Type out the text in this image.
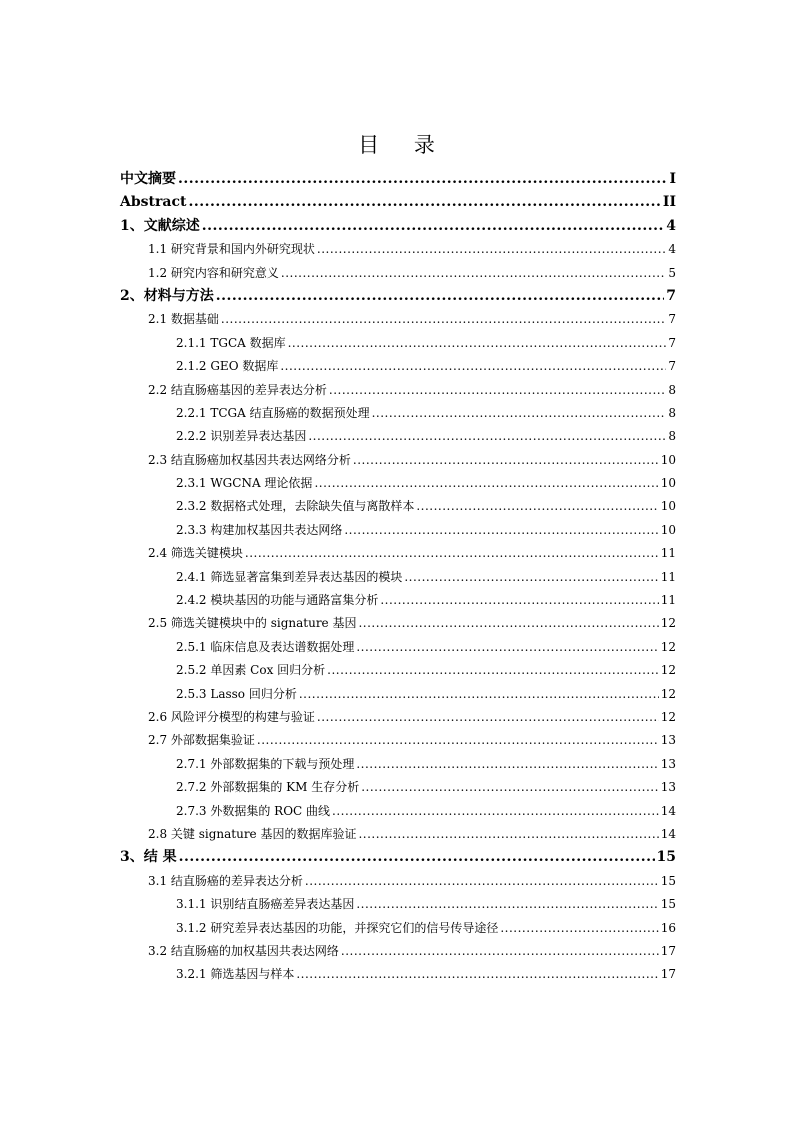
目 录
中文摘要 .....	I
Abstract .....	II
1、文献综述 .....	4
1.1 研究背景和国内外研究现状 .....	4
1.2 研究内容和研究意义 .....	5
2、材料与方法 .....	7
2.1 数据基础 .....	7
2.1.1 TGCA 数据库 .....	7
2.1.2 GEO 数据库 .....	7
2.2 结直肠癌基因的差异表达分析 .....	8
2.2.1 TCGA 结直肠癌的数据预处理 .....	8
2.2.2 识别差异表达基因 .....	8
2.3 结直肠癌加权基因共表达网络分析 .....	10
2.3.1 WGCNA 理论依据 .....	10
2.3.2 数据格式处理，去除缺失值与离散样本 .....	10
2.3.3 构建加权基因共表达网络 .....	10
2.4 筛选关键模块 .....	11
2.4.1 筛选显著富集到差异表达基因的模块 .....	11
2.4.2 模块基因的功能与通路富集分析 .....	11
2.5 筛选关键模块中的 signature 基因 .....	12
2.5.1 临床信息及表达谱数据处理 .....	12
2.5.2 单因素 Cox 回归分析 .....	12
2.5.3 Lasso 回归分析 .....	12
2.6 风险评分模型的构建与验证 .....	12
2.7 外部数据集验证 .....	13
2.7.1 外部数据集的下载与预处理 .....	13
2.7.2 外部数据集的 KM 生存分析 .....	13
2.7.3 外数据集的 ROC 曲线 .....	14
2.8 关键 signature 基因的数据库验证 .....	14
3、结 果 .....	15
3.1 结直肠癌的差异表达分析 .....	15
3.1.1 识别结直肠癌差异表达基因 .....	15
3.1.2 研究差异表达基因的功能，并探究它们的信号传导途径 .....	16
3.2 结直肠癌的加权基因共表达网络 .....	17
3.2.1 筛选基因与样本 .....	17
